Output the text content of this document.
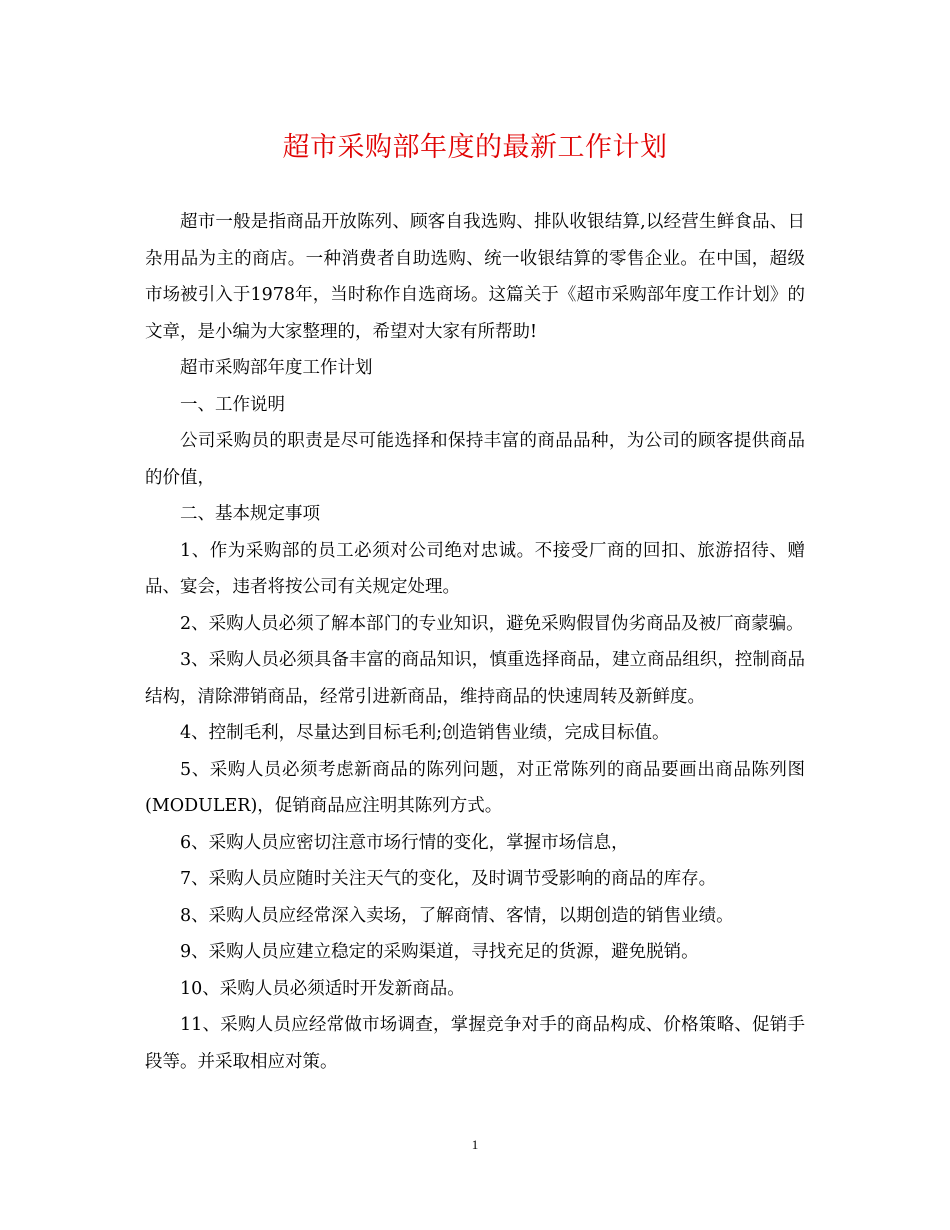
超市采购部年度的最新工作计划

超市一般是指商品开放陈列、顾客自我选购、排队收银结算,以经营生鲜食品、日杂用品为主的商店。一种消费者自助选购、统一收银结算的零售企业。在中国，超级市场被引入于1978年，当时称作自选商场。这篇关于《超市采购部年度工作计划》的文章，是小编为大家整理的，希望对大家有所帮助!

超市采购部年度工作计划

一、工作说明

公司采购员的职责是尽可能选择和保持丰富的商品品种，为公司的顾客提供商品的价值，

二、基本规定事项

1、作为采购部的员工必须对公司绝对忠诚。不接受厂商的回扣、旅游招待、赠品、宴会，违者将按公司有关规定处理。

2、采购人员必须了解本部门的专业知识，避免采购假冒伪劣商品及被厂商蒙骗。

3、采购人员必须具备丰富的商品知识，慎重选择商品，建立商品组织，控制商品结构，清除滞销商品，经常引进新商品，维持商品的快速周转及新鲜度。

4、控制毛利，尽量达到目标毛利;创造销售业绩，完成目标值。

5、采购人员必须考虑新商品的陈列问题，对正常陈列的商品要画出商品陈列图(MODULER)，促销商品应注明其陈列方式。

6、采购人员应密切注意市场行情的变化，掌握市场信息，

7、采购人员应随时关注天气的变化，及时调节受影响的商品的库存。

8、采购人员应经常深入卖场，了解商情、客情，以期创造的销售业绩。

9、采购人员应建立稳定的采购渠道，寻找充足的货源，避免脱销。

10、采购人员必须适时开发新商品。

11、采购人员应经常做市场调查，掌握竞争对手的商品构成、价格策略、促销手段等。并采取相应对策。

1
